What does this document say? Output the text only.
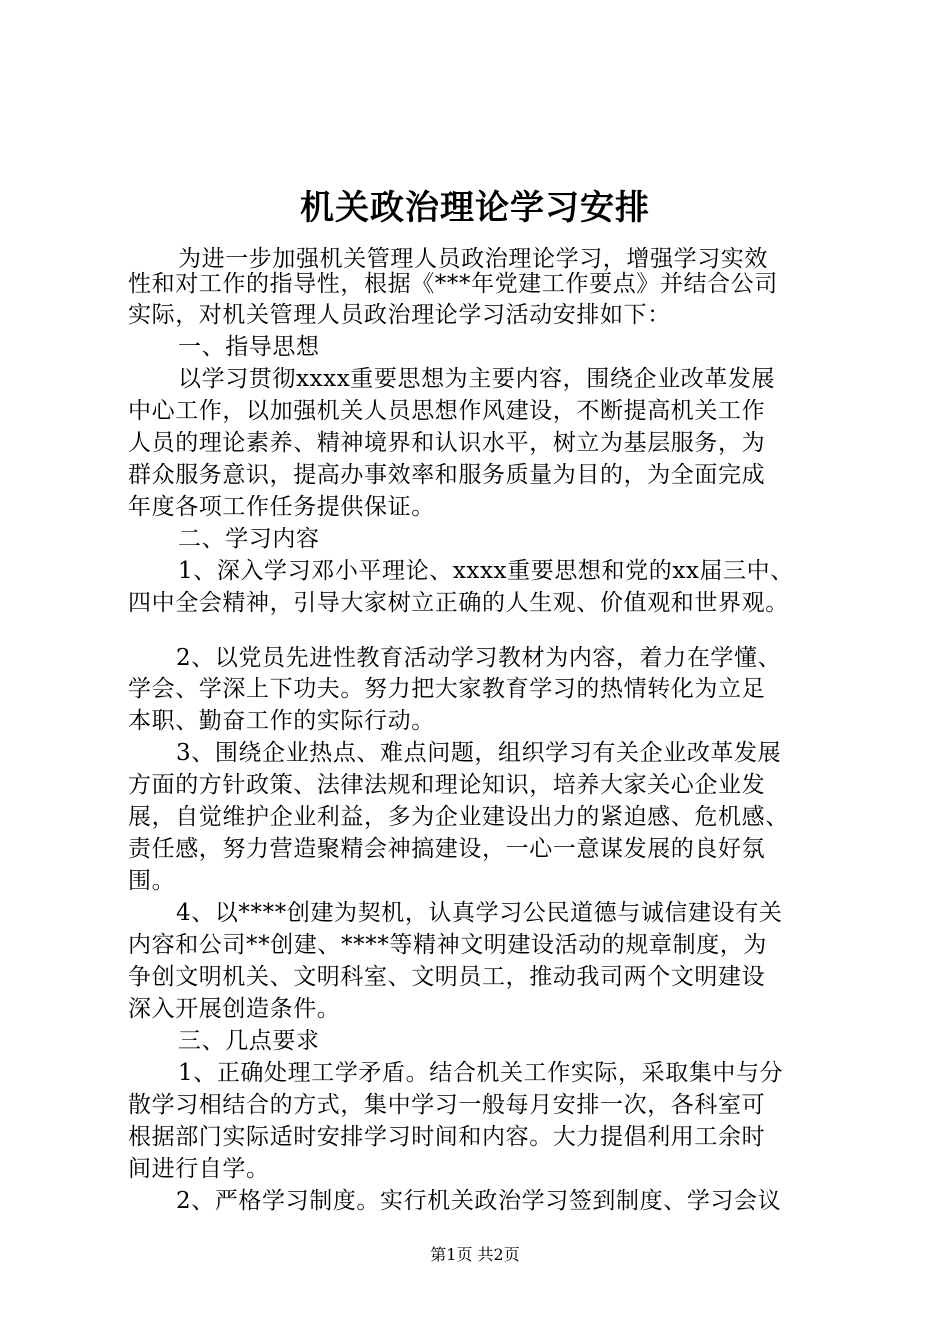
机关政治理论学习安排
为进一步加强机关管理人员政治理论学习，增强学习实效
性和对工作的指导性，根据《***年党建工作要点》并结合公司
实际，对机关管理人员政治理论学习活动安排如下：
一、指导思想
以学习贯彻xxxx重要思想为主要内容，围绕企业改革发展
中心工作，以加强机关人员思想作风建设，不断提高机关工作
人员的理论素养、精神境界和认识水平，树立为基层服务，为
群众服务意识，提高办事效率和服务质量为目的，为全面完成
年度各项工作任务提供保证。
二、学习内容
1、深入学习邓小平理论、xxxx重要思想和党的xx届三中、
四中全会精神，引导大家树立正确的人生观、价值观和世界观。
2、以党员先进性教育活动学习教材为内容，着力在学懂、
学会、学深上下功夫。努力把大家教育学习的热情转化为立足
本职、勤奋工作的实际行动。
3、围绕企业热点、难点问题，组织学习有关企业改革发展
方面的方针政策、法律法规和理论知识，培养大家关心企业发
展，自觉维护企业利益，多为企业建设出力的紧迫感、危机感、
责任感，努力营造聚精会神搞建设，一心一意谋发展的良好氛
围。
4、以****创建为契机，认真学习公民道德与诚信建设有关
内容和公司**创建、****等精神文明建设活动的规章制度，为
争创文明机关、文明科室、文明员工，推动我司两个文明建设
深入开展创造条件。
三、几点要求
1、正确处理工学矛盾。结合机关工作实际，采取集中与分
散学习相结合的方式，集中学习一般每月安排一次，各科室可
根据部门实际适时安排学习时间和内容。大力提倡利用工余时
间进行自学。
2、严格学习制度。实行机关政治学习签到制度、学习会议
第1页 共2页
